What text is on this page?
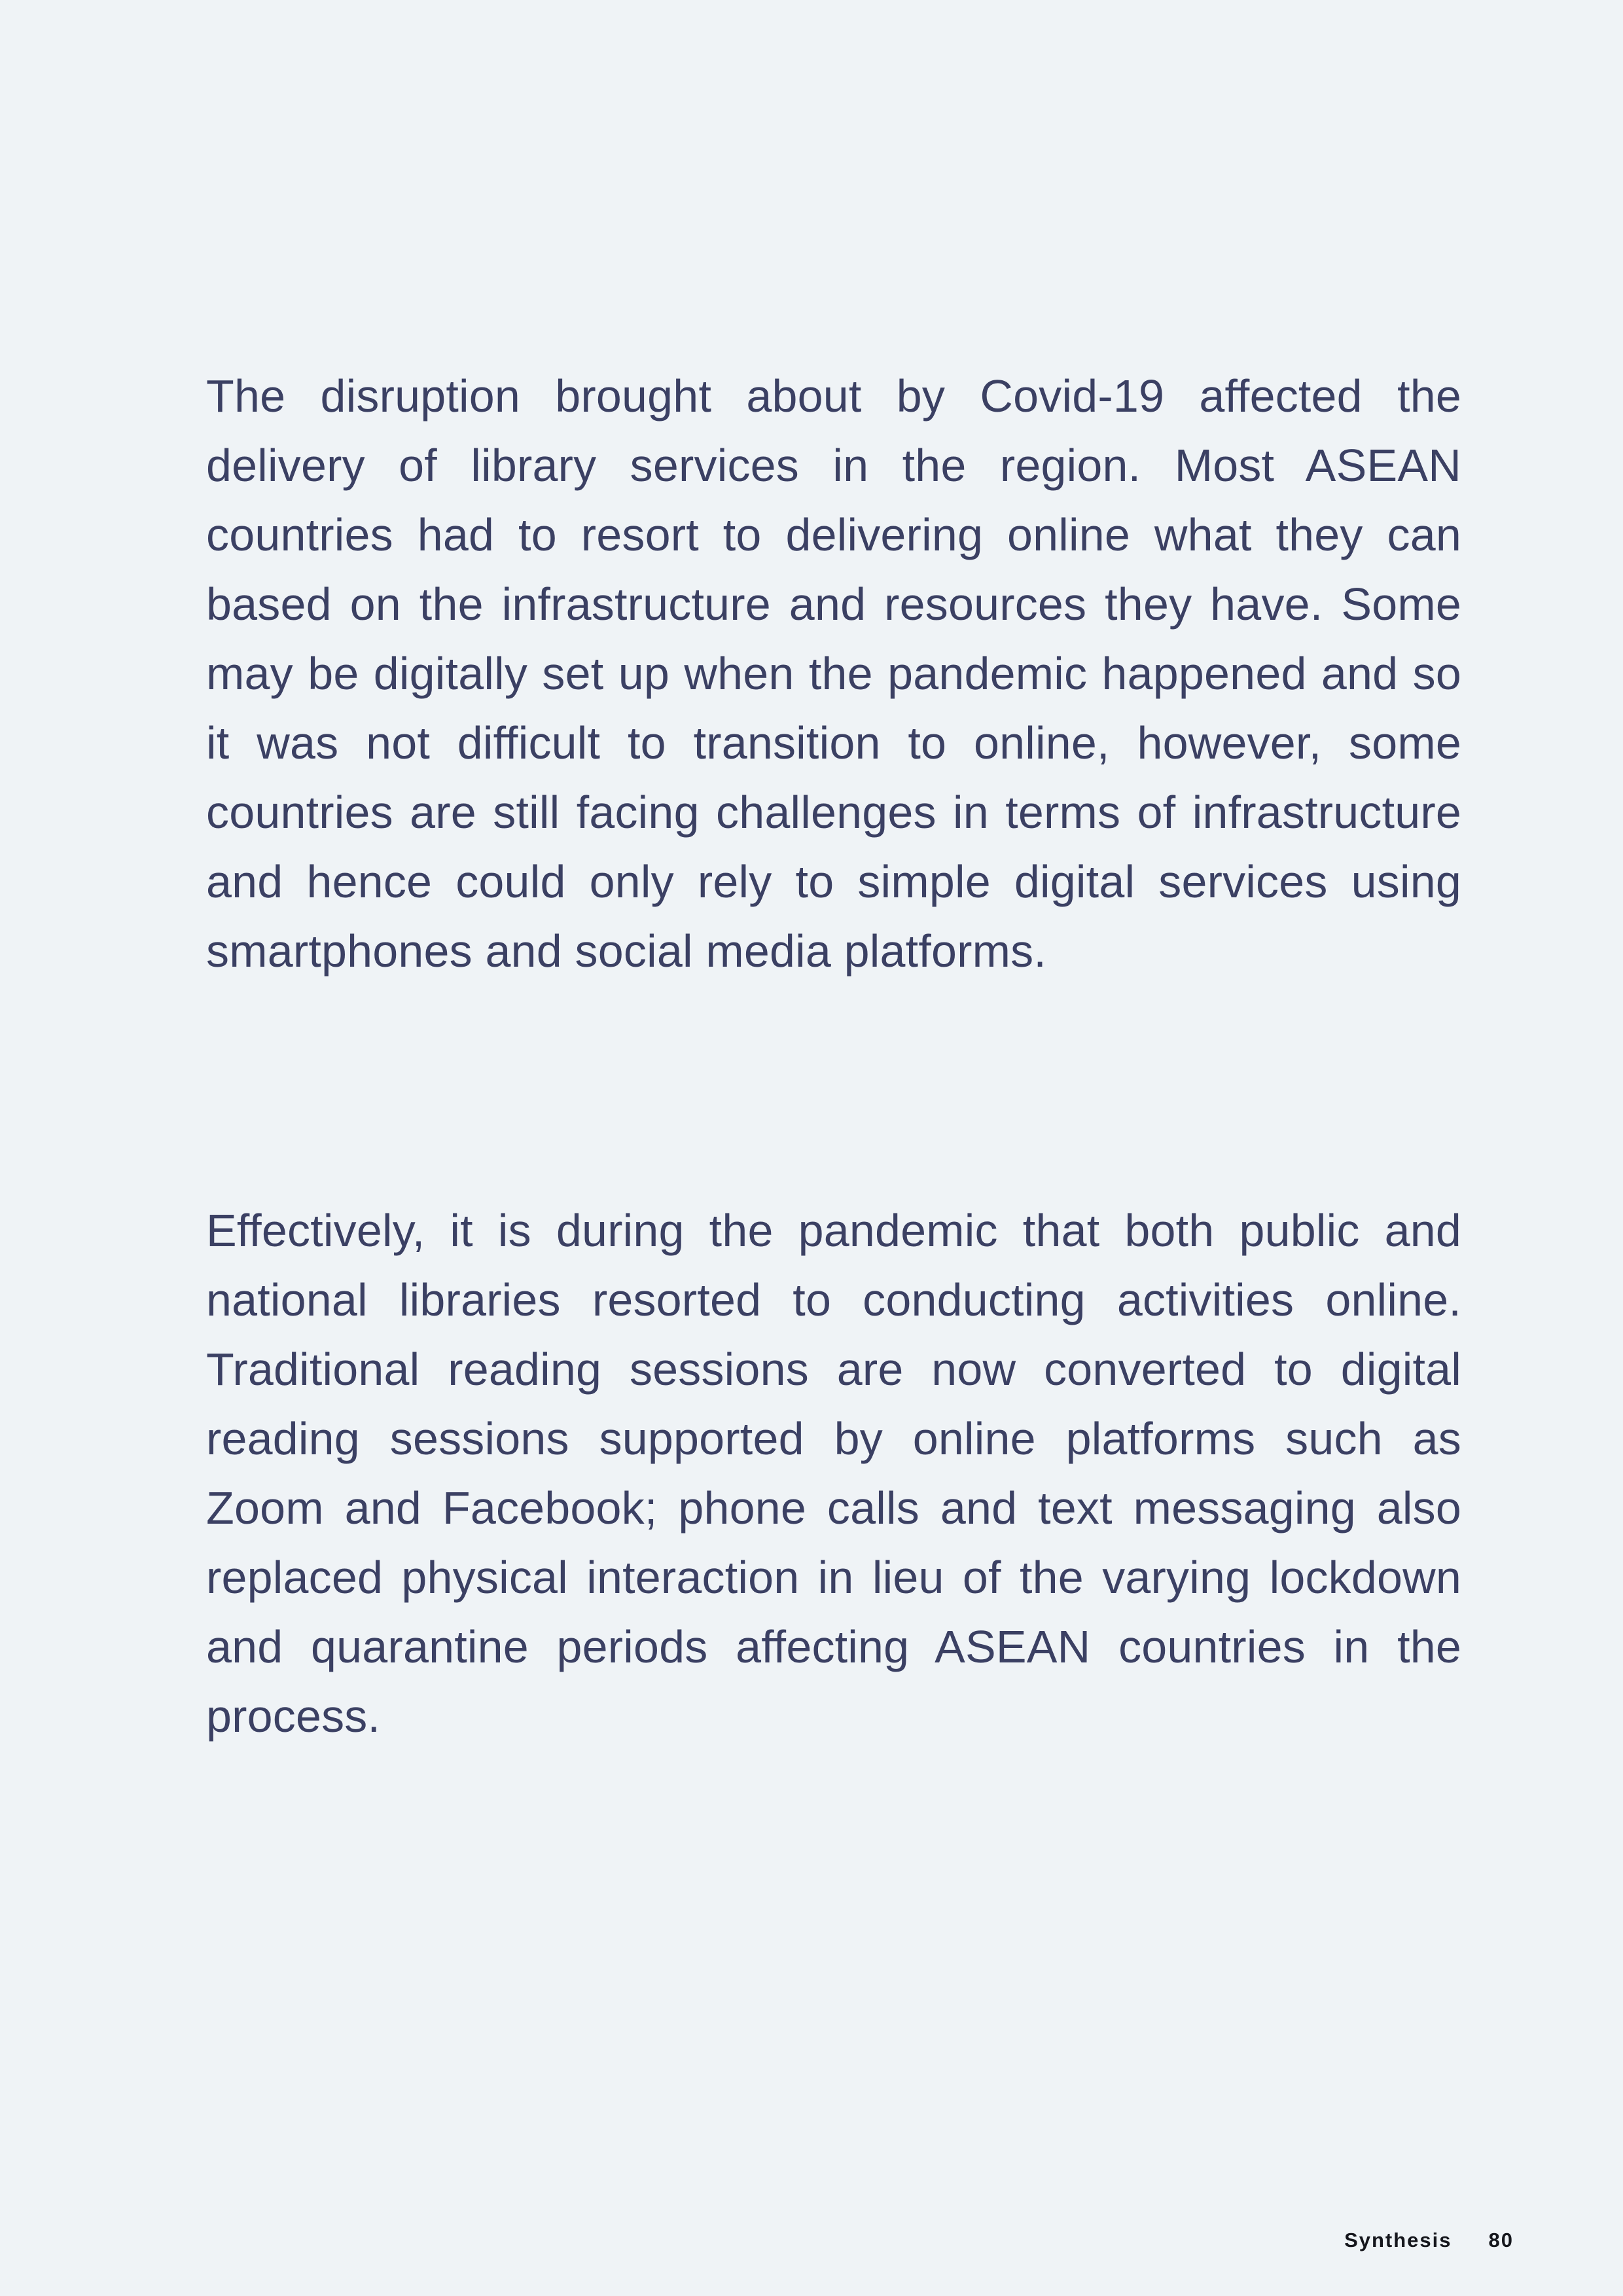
The disruption brought about by Covid-19 affected the delivery of library services in the region. Most ASEAN countries had to resort to delivering online what they can based on the infrastructure and resources they have. Some may be digitally set up when the pandemic happened and so it was not difficult to transition to online, however, some countries are still facing challenges in terms of infrastructure and hence could only rely to simple digital services using smartphones and social media platforms.

Effectively, it is during the pandemic that both public and national libraries resorted to conducting activities online. Traditional reading sessions are now converted to digital reading sessions supported by online platforms such as Zoom and Facebook; phone calls and text messaging also replaced physical interaction in lieu of the varying lockdown and quarantine periods affecting ASEAN countries in the process.

Synthesis 80
